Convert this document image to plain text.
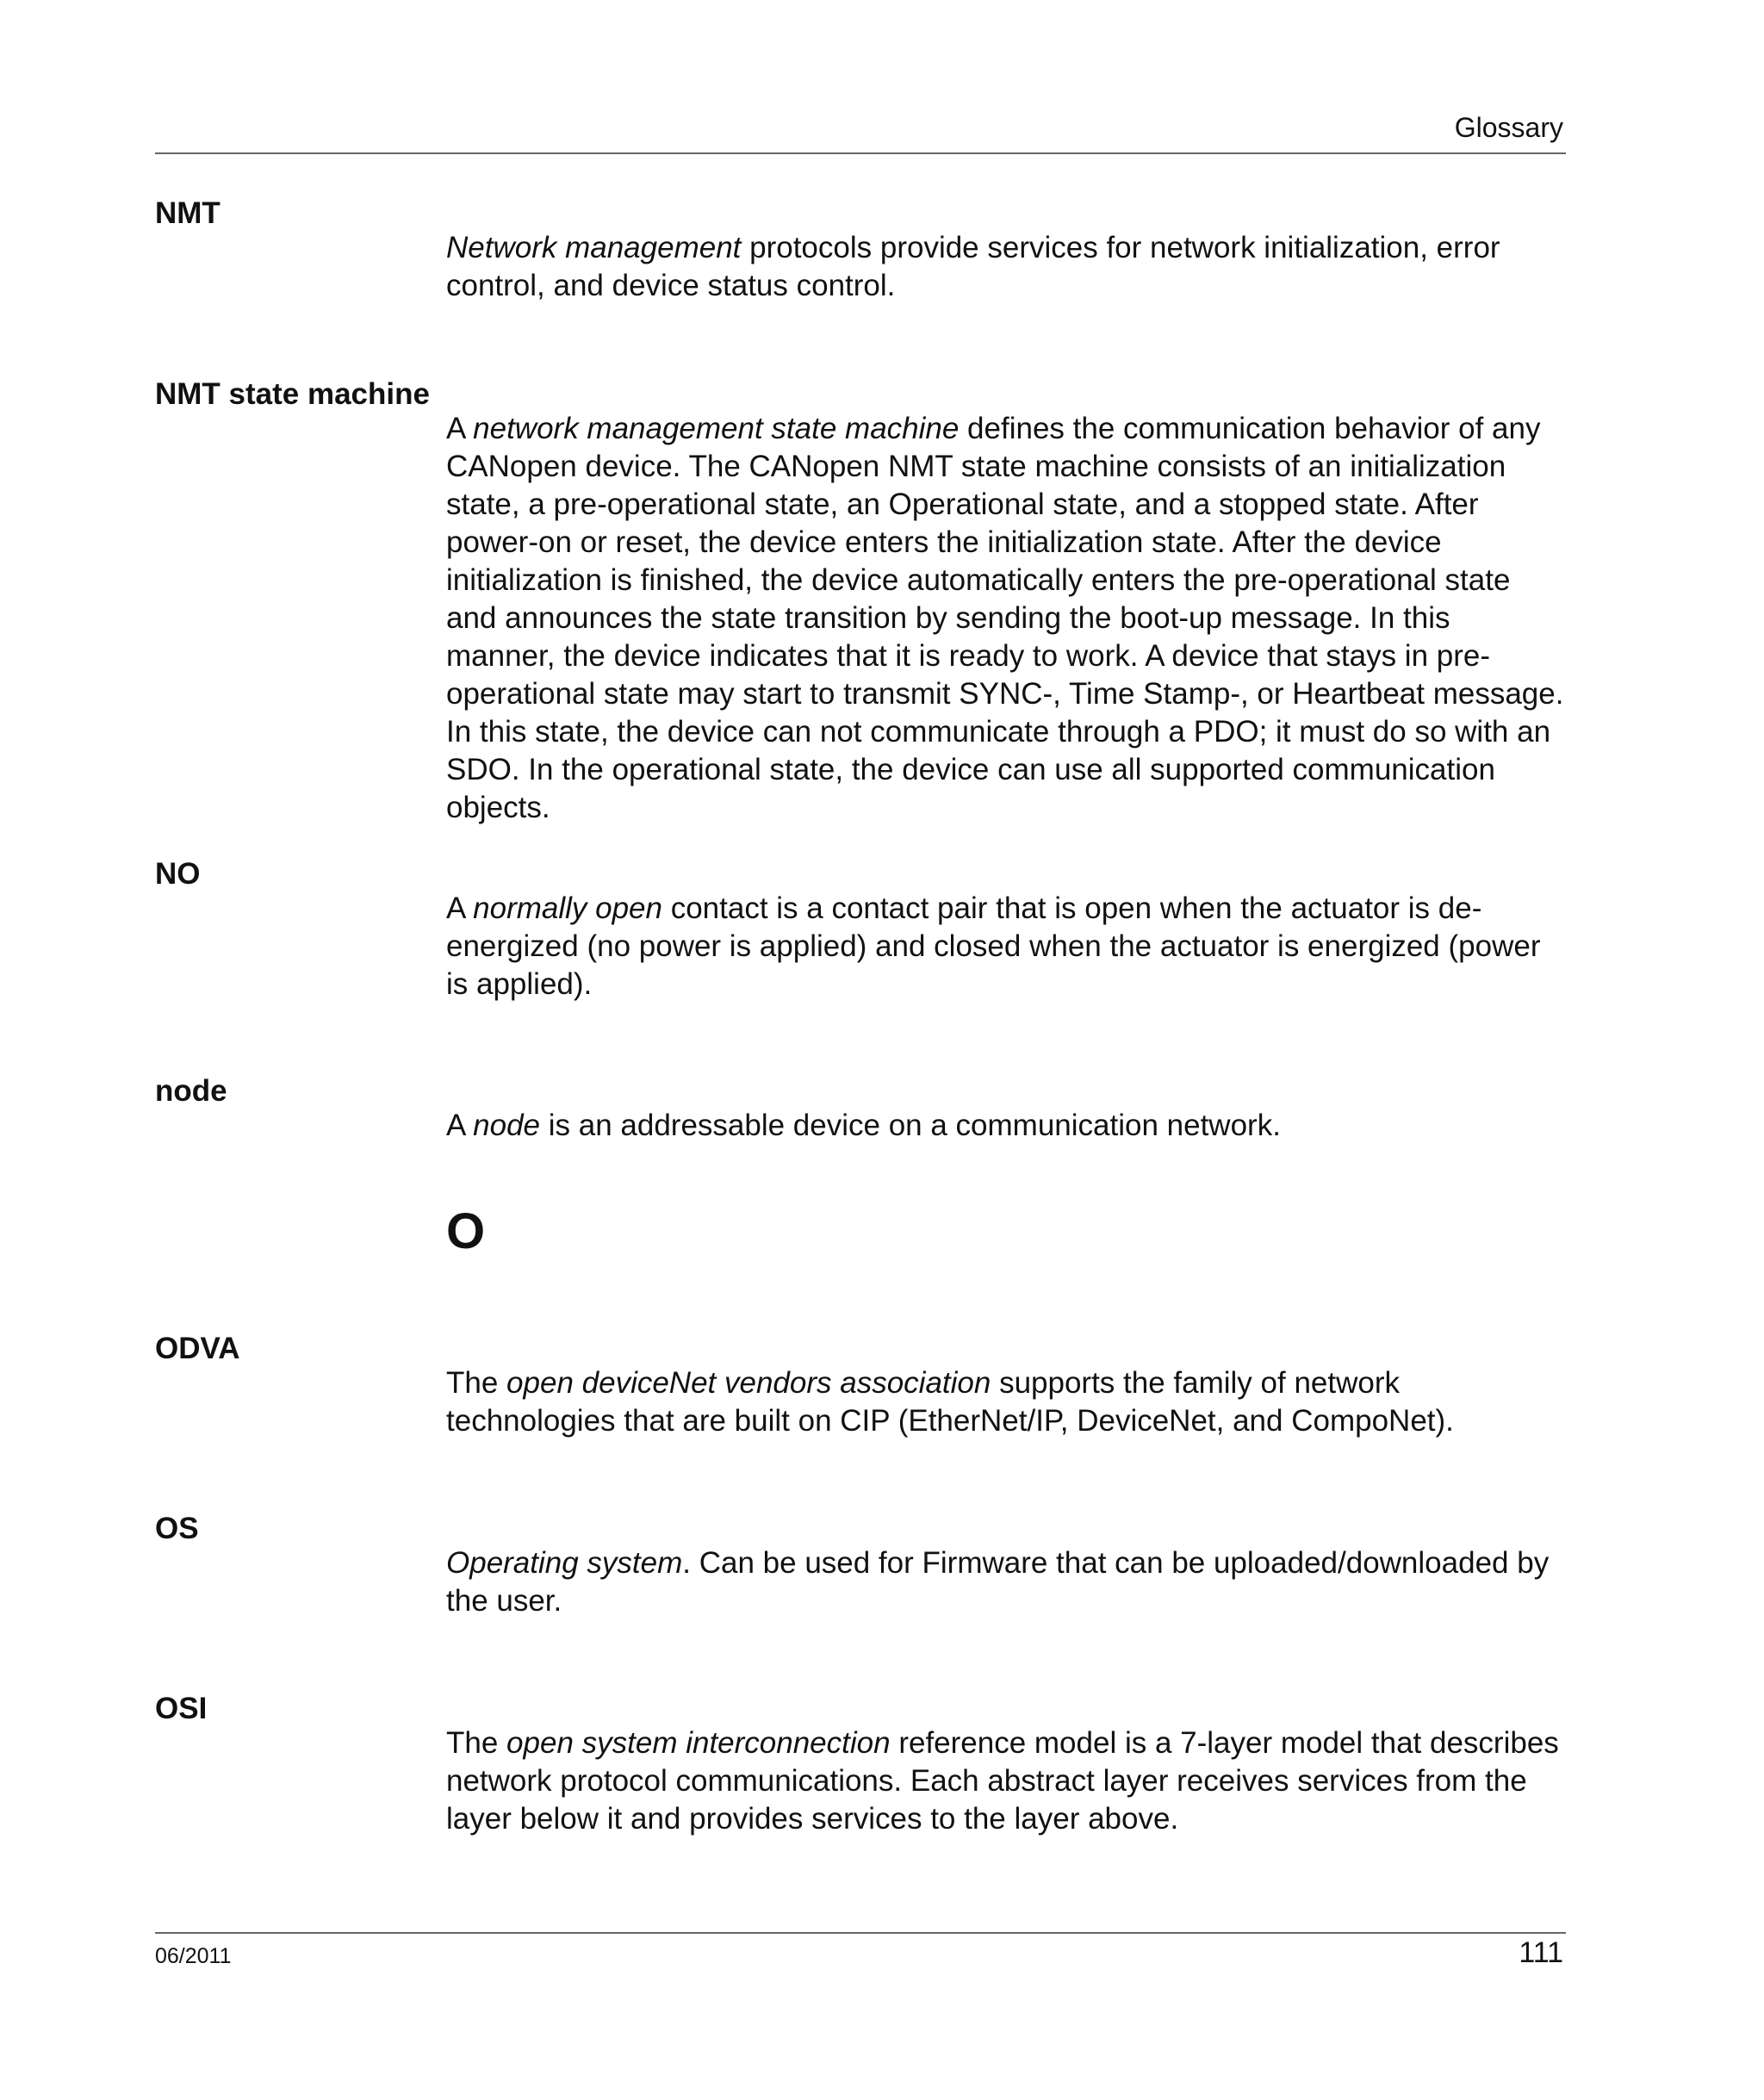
Glossary
NMT

Network management protocols provide services for network initialization, error control, and device status control.

NMT state machine

A network management state machine defines the communication behavior of any CANopen device. The CANopen NMT state machine consists of an initialization state, a pre-operational state, an Operational state, and a stopped state. After power-on or reset, the device enters the initialization state. After the device initialization is finished, the device automatically enters the pre-operational state and announces the state transition by sending the boot-up message. In this manner, the device indicates that it is ready to work. A device that stays in pre-operational state may start to transmit SYNC-, Time Stamp-, or Heartbeat message. In this state, the device can not communicate through a PDO; it must do so with an SDO. In the operational state, the device can use all supported communication objects.

NO

A normally open contact is a contact pair that is open when the actuator is de-energized (no power is applied) and closed when the actuator is energized (power is applied).

node

A node is an addressable device on a communication network.

O
ODVA

The open deviceNet vendors association supports the family of network technologies that are built on CIP (EtherNet/IP, DeviceNet, and CompoNet).

OS

Operating system. Can be used for Firmware that can be uploaded/downloaded by the user.

OSI

The open system interconnection reference model is a 7-layer model that describes network protocol communications. Each abstract layer receives services from the layer below it and provides services to the layer above.

06/2011	111
